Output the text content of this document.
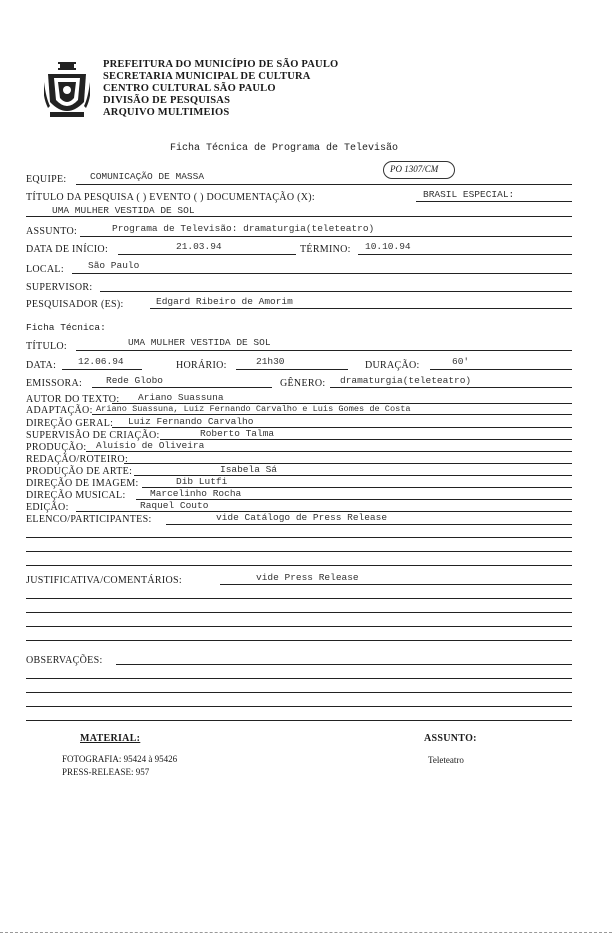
PREFEITURA DO MUNICÍPIO DE SÃO PAULO
SECRETARIA MUNICIPAL DE CULTURA
CENTRO CULTURAL SÃO PAULO
DIVISÃO DE PESQUISAS
ARQUIVO MULTIMEIOS
Ficha Técnica de Programa de Televisão
PO 1307/CM
EQUIPE: COMUNICAÇÃO DE MASSA
TÍTULO DA PESQUISA ( ) EVENTO ( ) DOCUMENTAÇÃO (X):	BRASIL ESPECIAL:
UMA MULHER VESTIDA DE SOL
ASSUNTO:	Programa de Televisão: dramaturgia(teleteatro)
DATA DE INÍCIO:	21.03.94	TÉRMINO: 10.10.94
LOCAL:	São Paulo
SUPERVISOR:
PESQUISADOR (ES):	Edgard Ribeiro de Amorim
Ficha Técnica:
TÍTULO:	UMA MULHER VESTIDA DE SOL
DATA: 12.06.94	HORÁRIO:	21h30	DURAÇÃO:	60'
EMISSORA:	Rede Globo	GÊNERO: dramaturgia(teleteatro)
AUTOR DO TEXTO: Ariano Suassuna
ADAPTAÇÃO: Ariano Suassuna, Luiz Fernando Carvalho e Luis Gomes de Costa
DIREÇÃO GERAL: Luiz Fernando Carvalho
SUPERVISÃO DE CRIAÇÃO:	Roberto Talma
PRODUÇÃO: Aluísio de Oliveira
REDAÇÃO/ROTEIRO:
PRODUÇÃO DE ARTE:	Isabela Sá
DIREÇÃO DE IMAGEM:	Dib Lutfi
DIREÇÃO MUSICAL:	Marcelinho Rocha
EDIÇÃO:	Raquel Couto
ELENCO/PARTICIPANTES:	vide Catálogo de Press Release
JUSTIFICATIVA/COMENTÁRIOS:	vide Press Release
OBSERVAÇÕES:
MATERIAL:
FOTOGRAFIA: 95424 à 95426
PRESS-RELEASE: 957
ASSUNTO:
Teleteatro
